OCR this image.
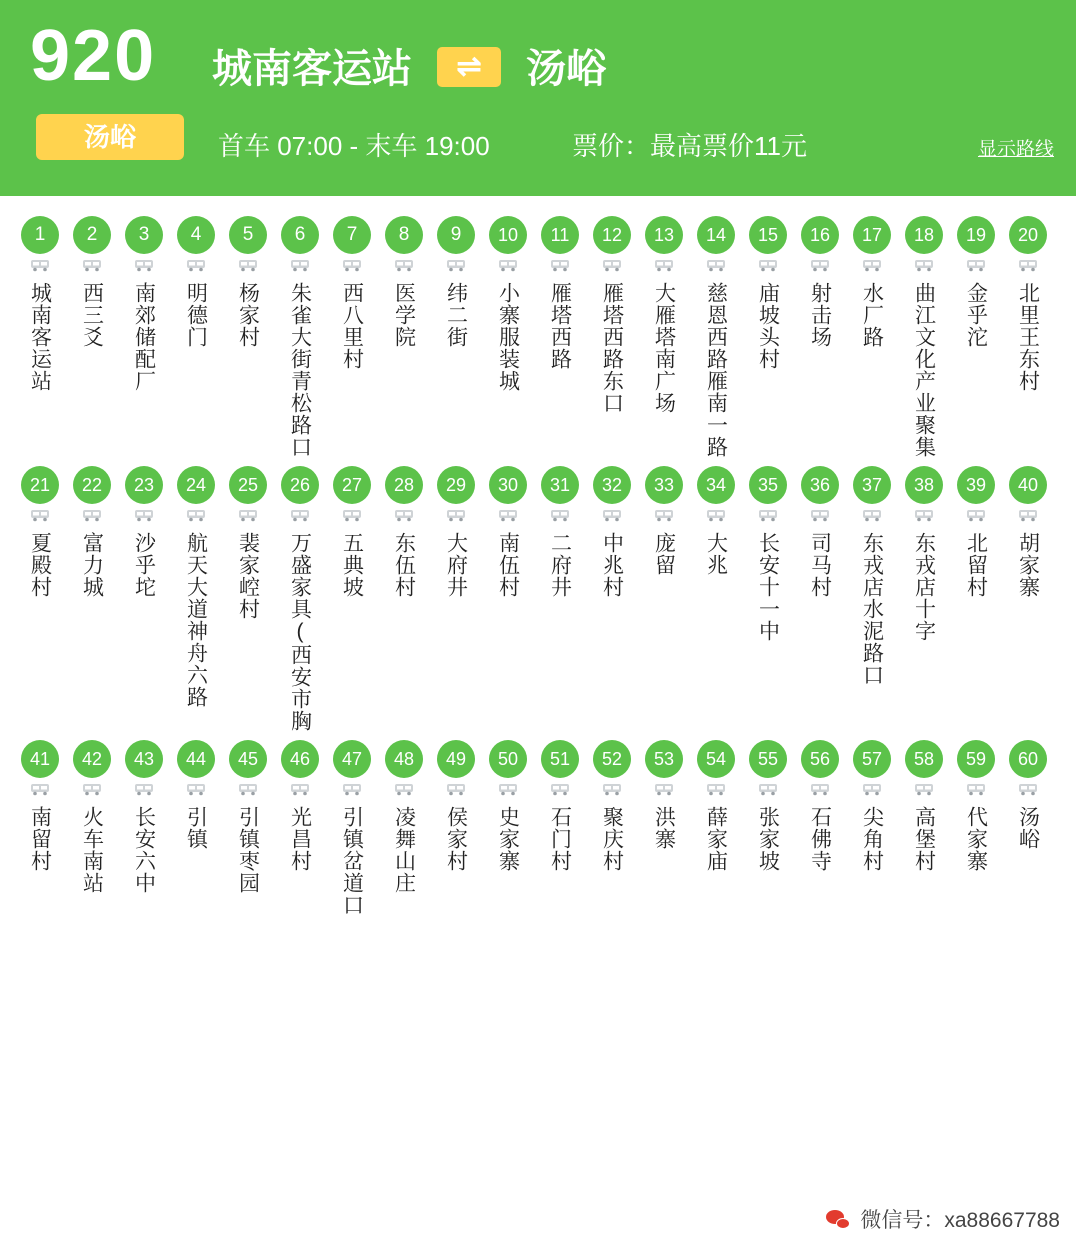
920
汤峪
城南客运站	⇌	汤峪
首车 07:00 - 末车 19:00	票价：最高票价11元	显示路线
1
城南客运站
2
西三爻
3
南郊储配厂
4
明德门
5
杨家村
6
朱雀大街青松路口
7
西八里村
8
医学院
9
纬二街
10
小寨服装城
11
雁塔西路
12
雁塔西路东口
13
大雁塔南广场
14
慈恩西路雁南一路
15
庙坡头村
16
射击场
17
水厂路
18
曲江文化产业聚集
19
金乎沱
20
北里王东村
21
夏殿村
22
富力城
23
沙乎坨
24
航天大道神舟六路
25
裴家崆村
26
万盛家具(西安市胸
27
五典坡
28
东伍村
29
大府井
30
南伍村
31
二府井
32
中兆村
33
庞留
34
大兆
35
长安十一中
36
司马村
37
东戎店水泥路口
38
东戎店十字
39
北留村
40
胡家寨
41
南留村
42
火车南站
43
长安六中
44
引镇
45
引镇枣园
46
光昌村
47
引镇岔道口
48
凌舞山庄
49
侯家村
50
史家寨
51
石门村
52
聚庆村
53
洪寨
54
薛家庙
55
张家坡
56
石佛寺
57
尖角村
58
高堡村
59
代家寨
60
汤峪
微信号：xa88667788
